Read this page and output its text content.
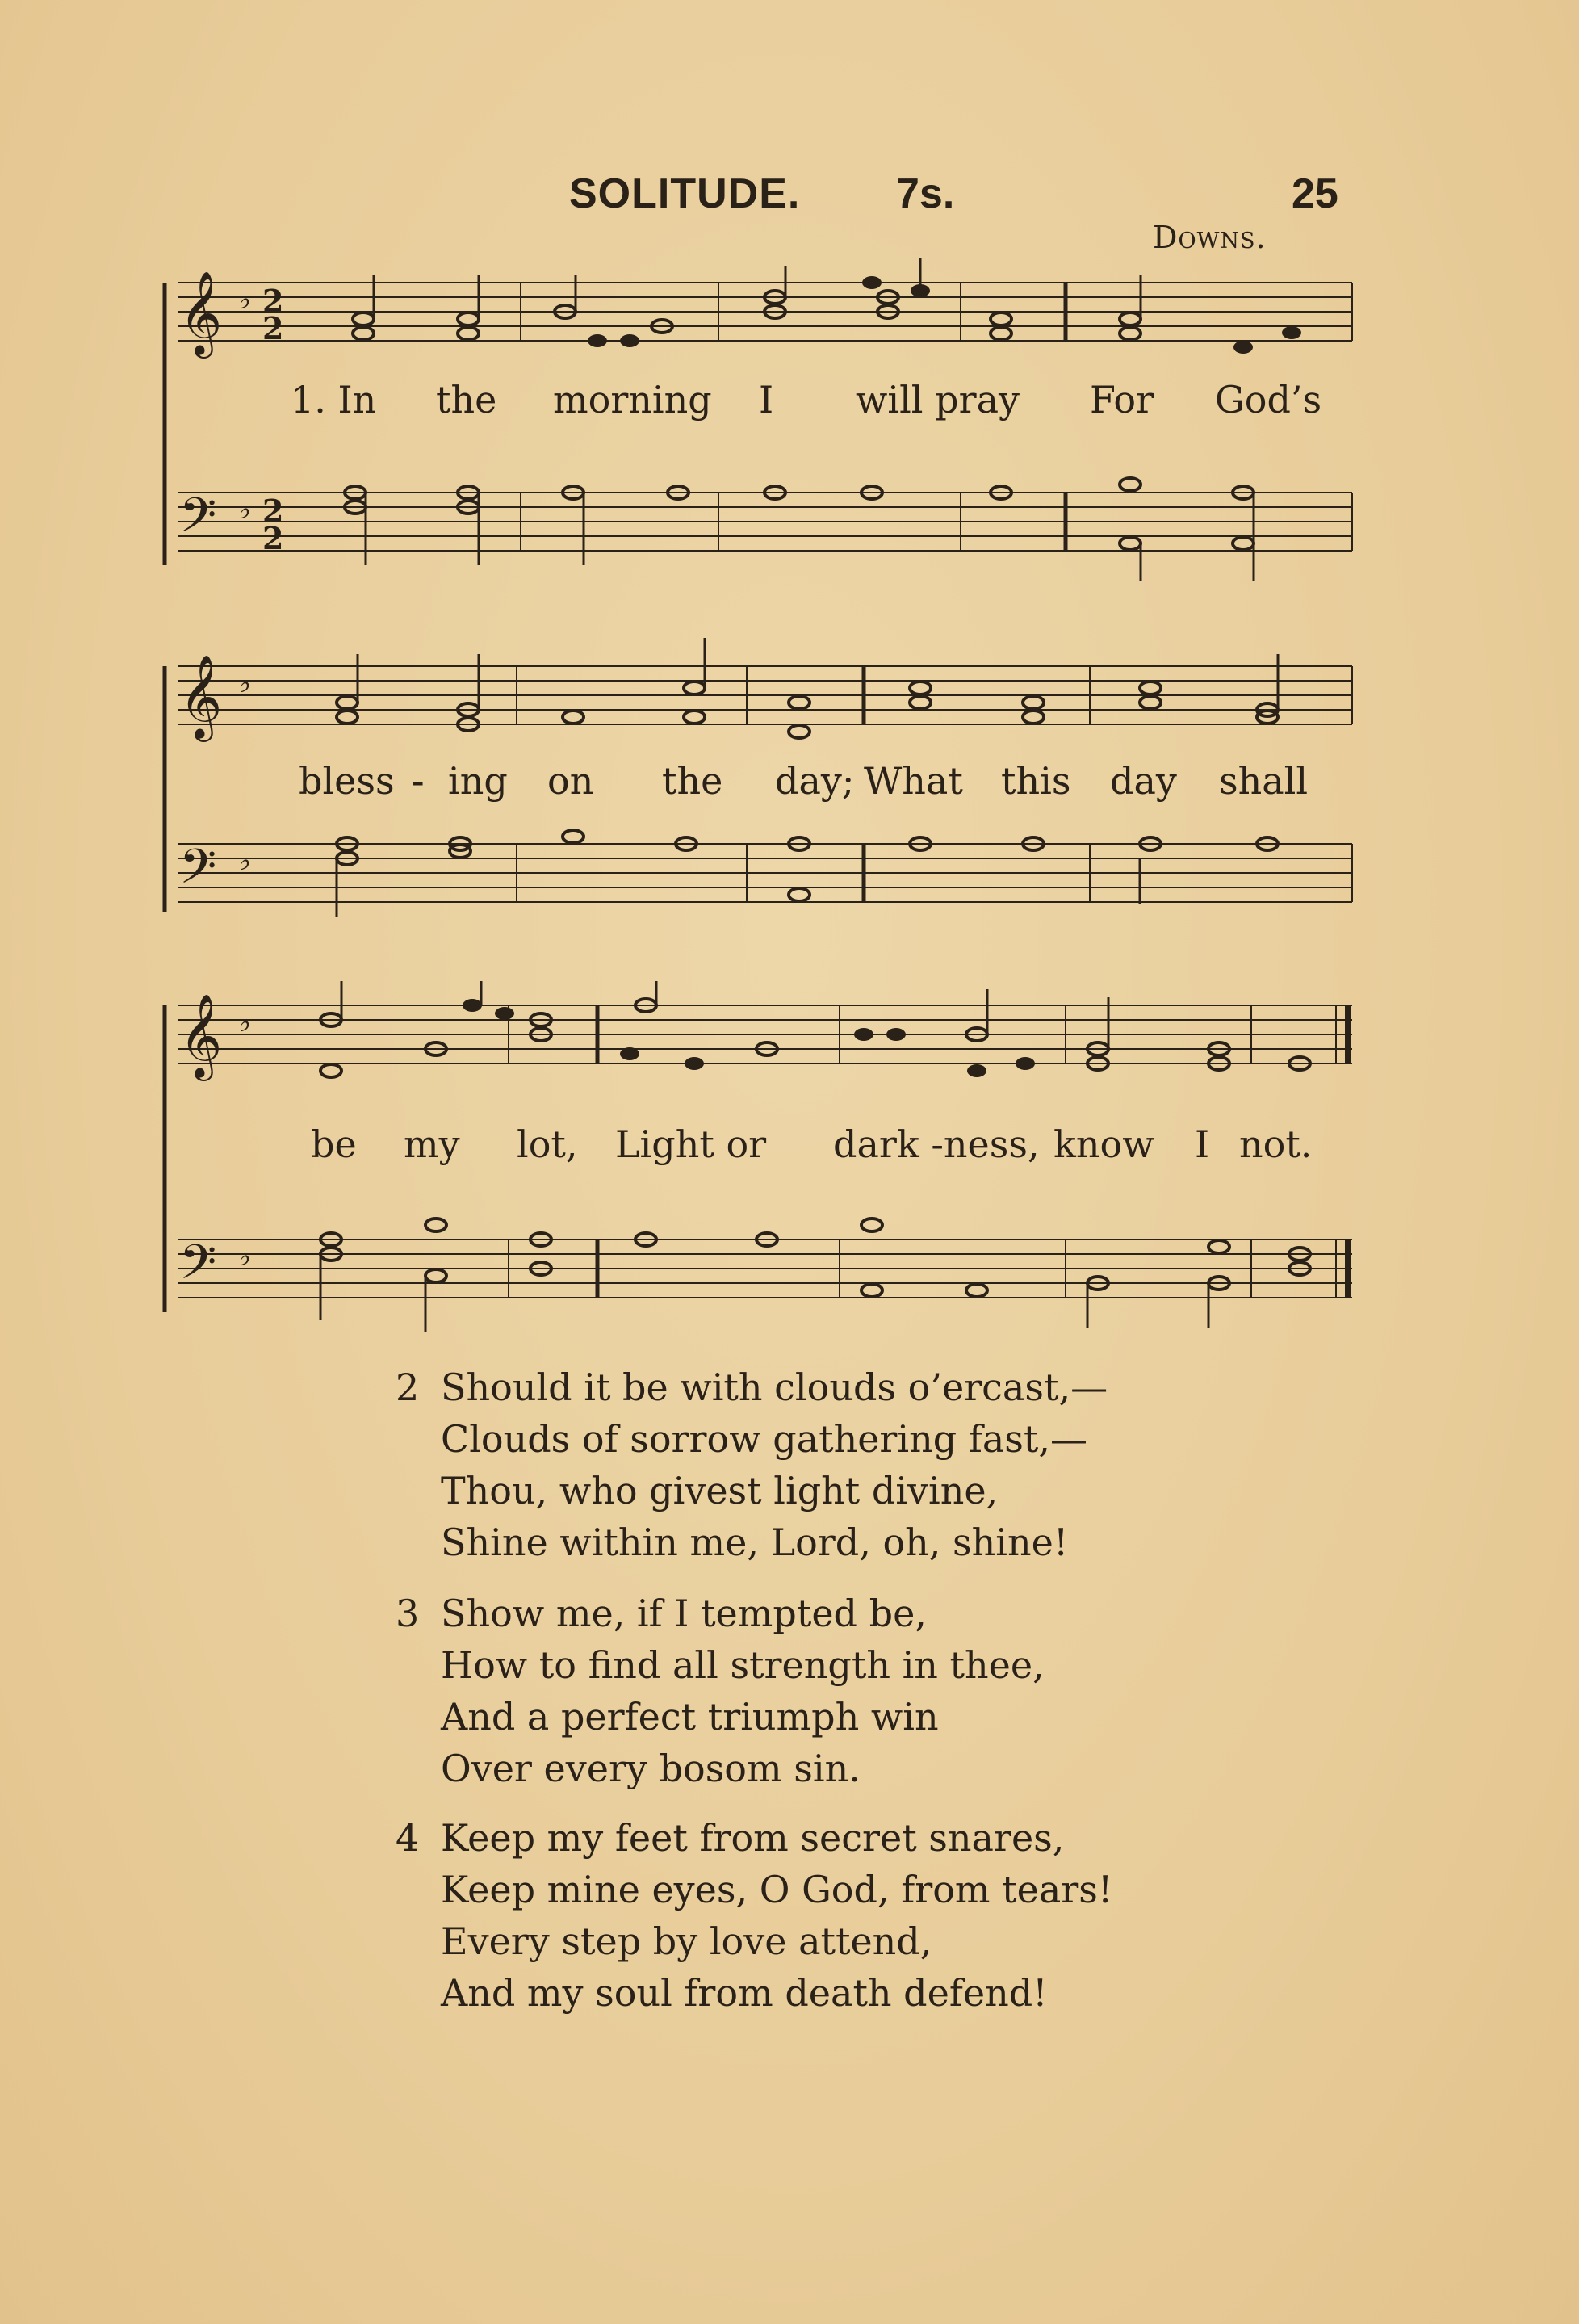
SOLITUDE. 7s.	25
Downs.
𝄞
𝄢
♭
♭
2
2
2
2
1. In the morning I will pray For God’s
𝄞
𝄢
♭
♭
bless - ing on the day; What this day shall
𝄞
𝄢
♭
♭
be my lot, Light or dark -ness, know I not.
2 Should it be with clouds o’ercast,—
Clouds of sorrow gathering fast,—
Thou, who givest light divine,
Shine within me, Lord, oh, shine!
3 Show me, if I tempted be,
How to find all strength in thee,
And a perfect triumph win
Over every bosom sin.
4 Keep my feet from secret snares,
Keep mine eyes, O God, from tears!
Every step by love attend,
And my soul from death defend!
